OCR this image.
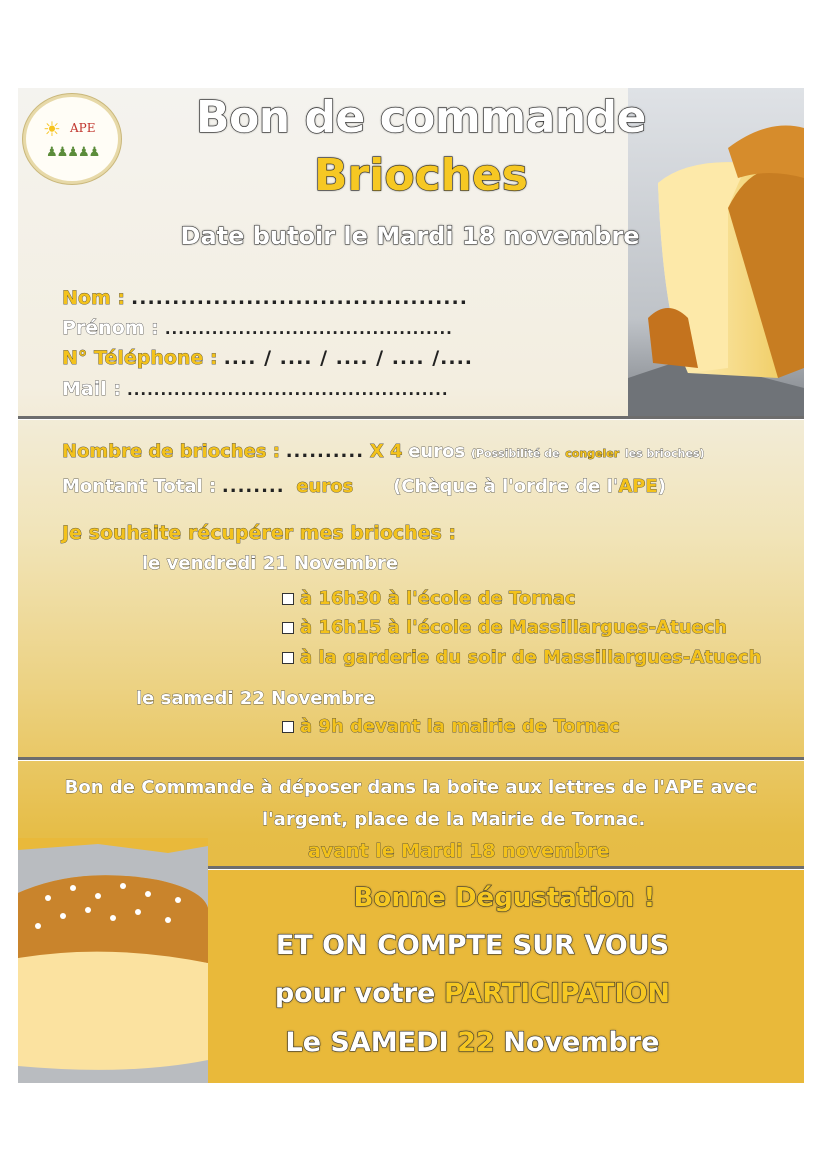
☀ APE
♟♟♟♟♟
Bon de commande
Brioches
Date butoir le Mardi 18 novembre
Nom : .........................................
Prénom : ...........................................
N° Téléphone : .... / .... / .... / .... /....
Mail : ................................................
Nombre de brioches : .......... X 4 euros (Possibilité de congeler les brioches)
Montant Total : ........ euros (Chèque à l'ordre de l'APE)
Je souhaite récupérer mes brioches :
le vendredi 21 Novembre
à 16h30 à l'école de Tornac
à 16h15 à l'école de Massillargues-Atuech
à la garderie du soir de Massillargues-Atuech
le samedi 22 Novembre
à 9h devant la mairie de Tornac
Bon de Commande à déposer dans la boite aux lettres de l'APE avec
l'argent, place de la Mairie de Tornac.
avant le Mardi 18 novembre
Bonne Dégustation !
ET ON COMPTE SUR VOUS
pour votre PARTICIPATION
Le SAMEDI 22 Novembre
